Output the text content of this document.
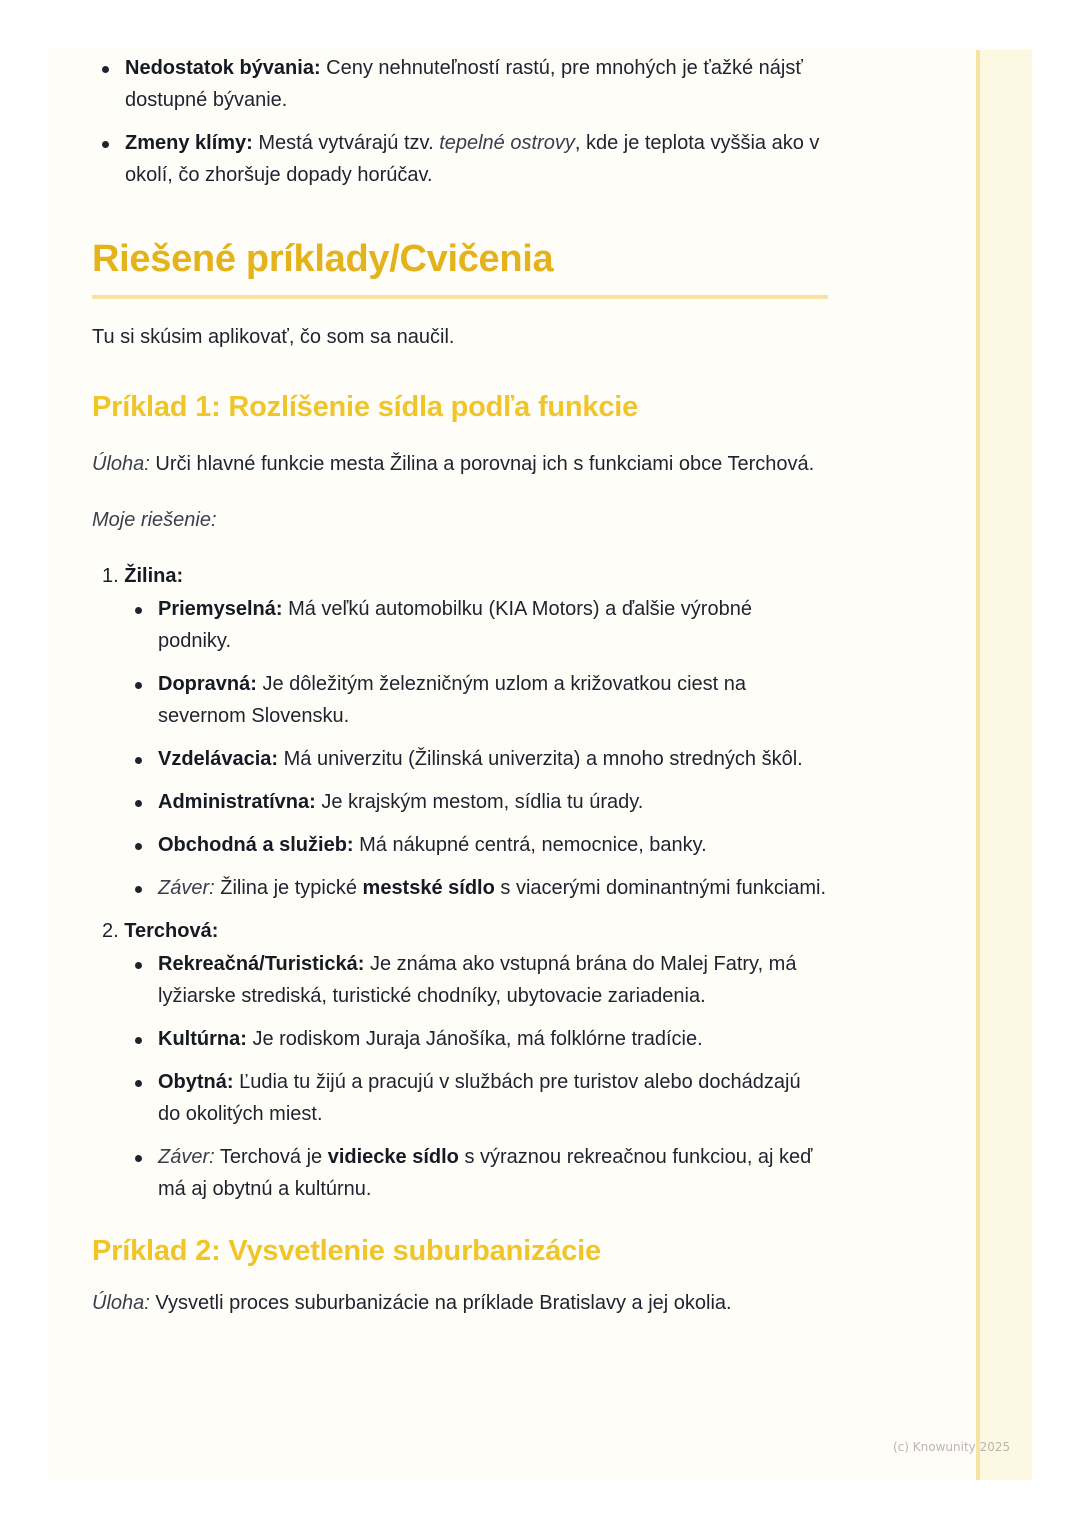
Nedostatok bývania: Ceny nehnuteľností rastú, pre mnohých je ťažké nájsť dostupné bývanie.
Zmeny klímy: Mestá vytvárajú tzv. tepelné ostrovy, kde je teplota vyššia ako v okolí, čo zhoršuje dopady horúčav.
Riešené príklady/Cvičenia

Tu si skúsim aplikovať, čo som sa naučil.

Príklad 1: Rozlíšenie sídla podľa funkcie

Úloha: Urči hlavné funkcie mesta Žilina a porovnaj ich s funkciami obce Terchová.

Moje riešenie:

1. Žilina:
Priemyselná: Má veľkú automobilku (KIA Motors) a ďalšie výrobné podniky.
Dopravná: Je dôležitým železničným uzlom a križovatkou ciest na severnom Slovensku.
Vzdelávacia: Má univerzitu (Žilinská univerzita) a mnoho stredných škôl.
Administratívna: Je krajským mestom, sídlia tu úrady.
Obchodná a služieb: Má nákupné centrá, nemocnice, banky.
Záver: Žilina je typické mestské sídlo s viacerými dominantnými funkciami.
2. Terchová:
Rekreačná/Turistická: Je známa ako vstupná brána do Malej Fatry, má lyžiarske strediská, turistické chodníky, ubytovacie zariadenia.
Kultúrna: Je rodiskom Juraja Jánošíka, má folklórne tradície.
Obytná: Ľudia tu žijú a pracujú v službách pre turistov alebo dochádzajú do okolitých miest.
Záver: Terchová je vidiecke sídlo s výraznou rekreačnou funkciou, aj keď má aj obytnú a kultúrnu.
Príklad 2: Vysvetlenie suburbanizácie

Úloha: Vysvetli proces suburbanizácie na príklade Bratislavy a jej okolia.

(c) Knowunity 2025
